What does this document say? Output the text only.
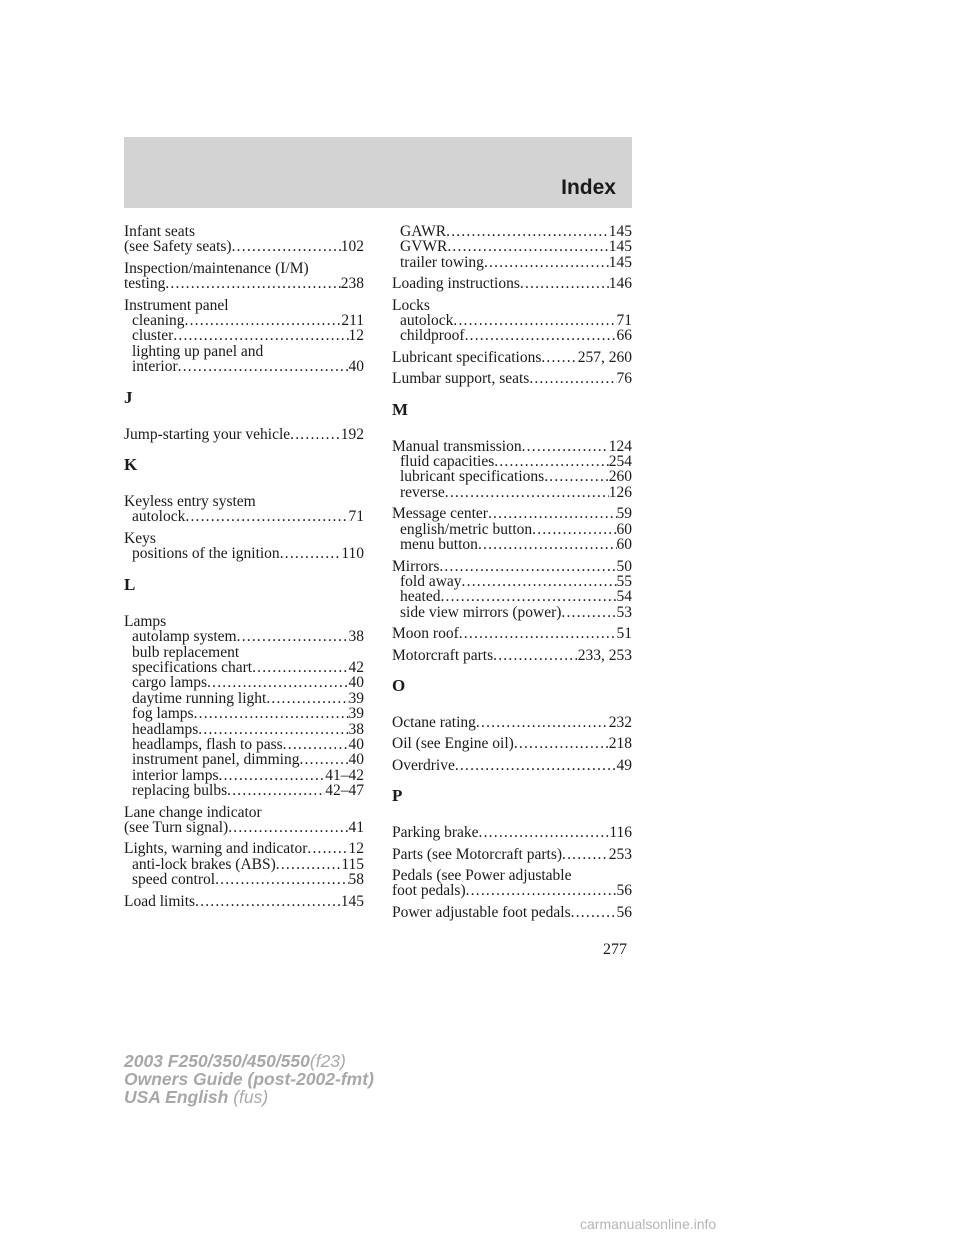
Index
Infant seats
(see Safety seats) .....	102
Inspection/maintenance (I/M)
testing .....	238
Instrument panel
cleaning .....	211
cluster .....	12
lighting up panel and
interior .....	40
J
Jump-starting your vehicle .....	192
K
Keyless entry system
autolock .....	71
Keys
positions of the ignition .....	110
L
Lamps
autolamp system .....	38
bulb replacement
specifications chart .....	42
cargo lamps .....	40
daytime running light .....	39
fog lamps .....	39
headlamps .....	38
headlamps, flash to pass .....	40
instrument panel, dimming .....	40
interior lamps .....	41–42
replacing bulbs .....	42–47
Lane change indicator
(see Turn signal) .....	41
Lights, warning and indicator .....	12
anti-lock brakes (ABS) .....	115
speed control .....	58
Load limits .....	145
GAWR .....	145
GVWR .....	145
trailer towing .....	145
Loading instructions .....	146
Locks
autolock .....	71
childproof .....	66
Lubricant specifications ..... 257, 260
Lumbar support, seats .....	76
M
Manual transmission .....	124
fluid capacities .....	254
lubricant specifications .....	260
reverse .....	126
Message center .....	59
english/metric button .....	60
menu button .....	60
Mirrors .....	50
fold away .....	55
heated .....	54
side view mirrors (power) .....	53
Moon roof .....	51
Motorcraft parts .....	233, 253
O
Octane rating .....	232
Oil (see Engine oil) .....	218
Overdrive .....	49
P
Parking brake .....	116
Parts (see Motorcraft parts) .....	253
Pedals (see Power adjustable
foot pedals) .....	56
Power adjustable foot pedals .....	56
277
2003 F250/350/450/550(f23)
Owners Guide (post-2002-fmt)
USA English (fus)
carmanualsonline.info
